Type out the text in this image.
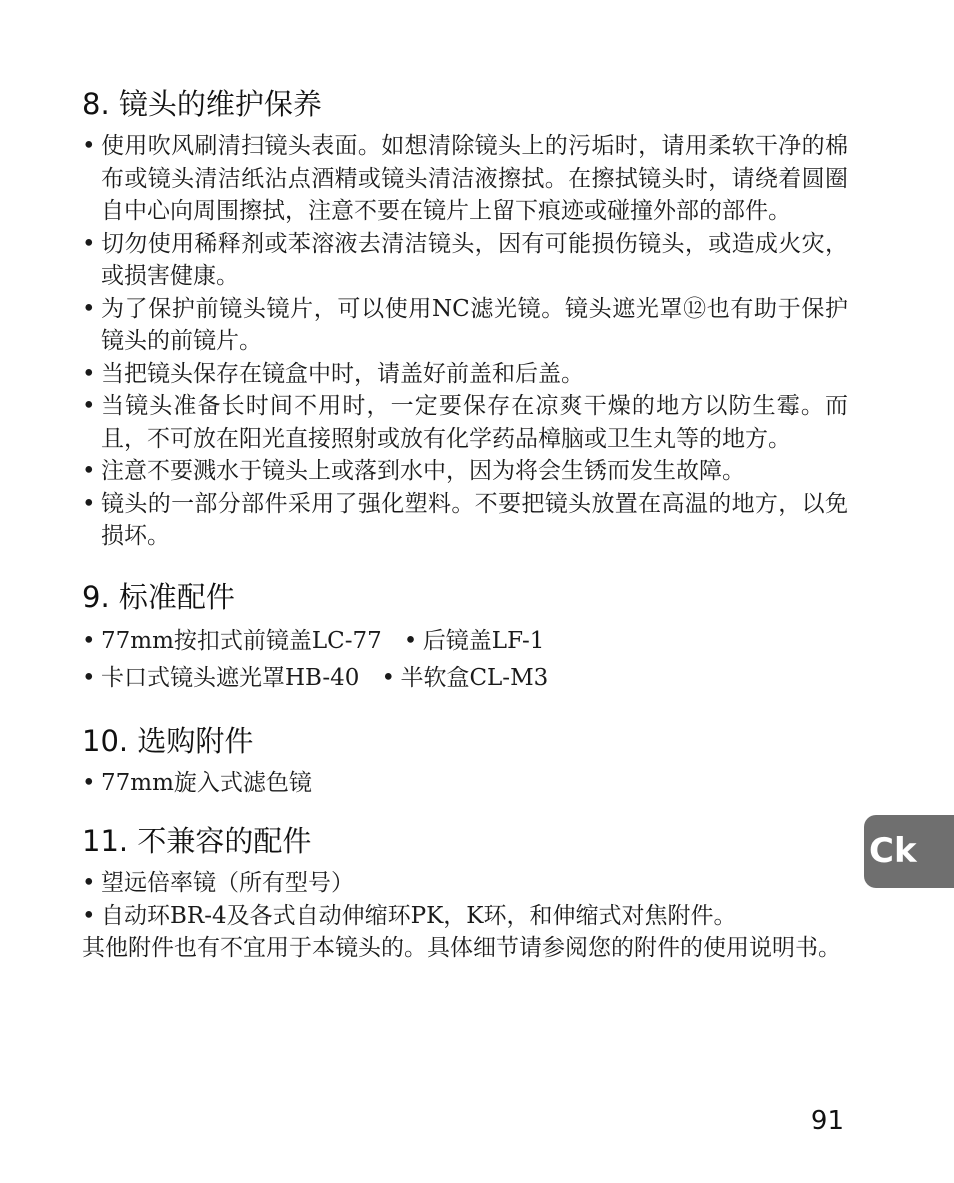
8. 镜头的维护保养
• 使用吹风刷清扫镜头表面。如想清除镜头上的污垢时，请用柔软干净的棉布或镜头清洁纸沾点酒精或镜头清洁液擦拭。在擦拭镜头时，请绕着圆圈自中心向周围擦拭，注意不要在镜片上留下痕迹或碰撞外部的部件。
• 切勿使用稀释剂或苯溶液去清洁镜头，因有可能损伤镜头，或造成火灾，或损害健康。
• 为了保护前镜头镜片，可以使用NC滤光镜。镜头遮光罩⑫也有助于保护镜头的前镜片。
• 当把镜头保存在镜盒中时，请盖好前盖和后盖。
• 当镜头准备长时间不用时，一定要保存在凉爽干燥的地方以防生霉。而且，不可放在阳光直接照射或放有化学药品樟脑或卫生丸等的地方。
• 注意不要溅水于镜头上或落到水中，因为将会生锈而发生故障。
• 镜头的一部分部件采用了强化塑料。不要把镜头放置在高温的地方，以免损坏。
9. 标准配件
• 77mm按扣式前镜盖LC-77 • 后镜盖LF-1
• 卡口式镜头遮光罩HB-40 • 半软盒CL-M3
10. 选购附件
• 77mm旋入式滤色镜
11. 不兼容的配件
• 望远倍率镜（所有型号）
• 自动环BR-4及各式自动伸缩环PK，K环，和伸缩式对焦附件。

其他附件也有不宜用于本镜头的。具体细节请参阅您的附件的使用说明书。

Ck
91
